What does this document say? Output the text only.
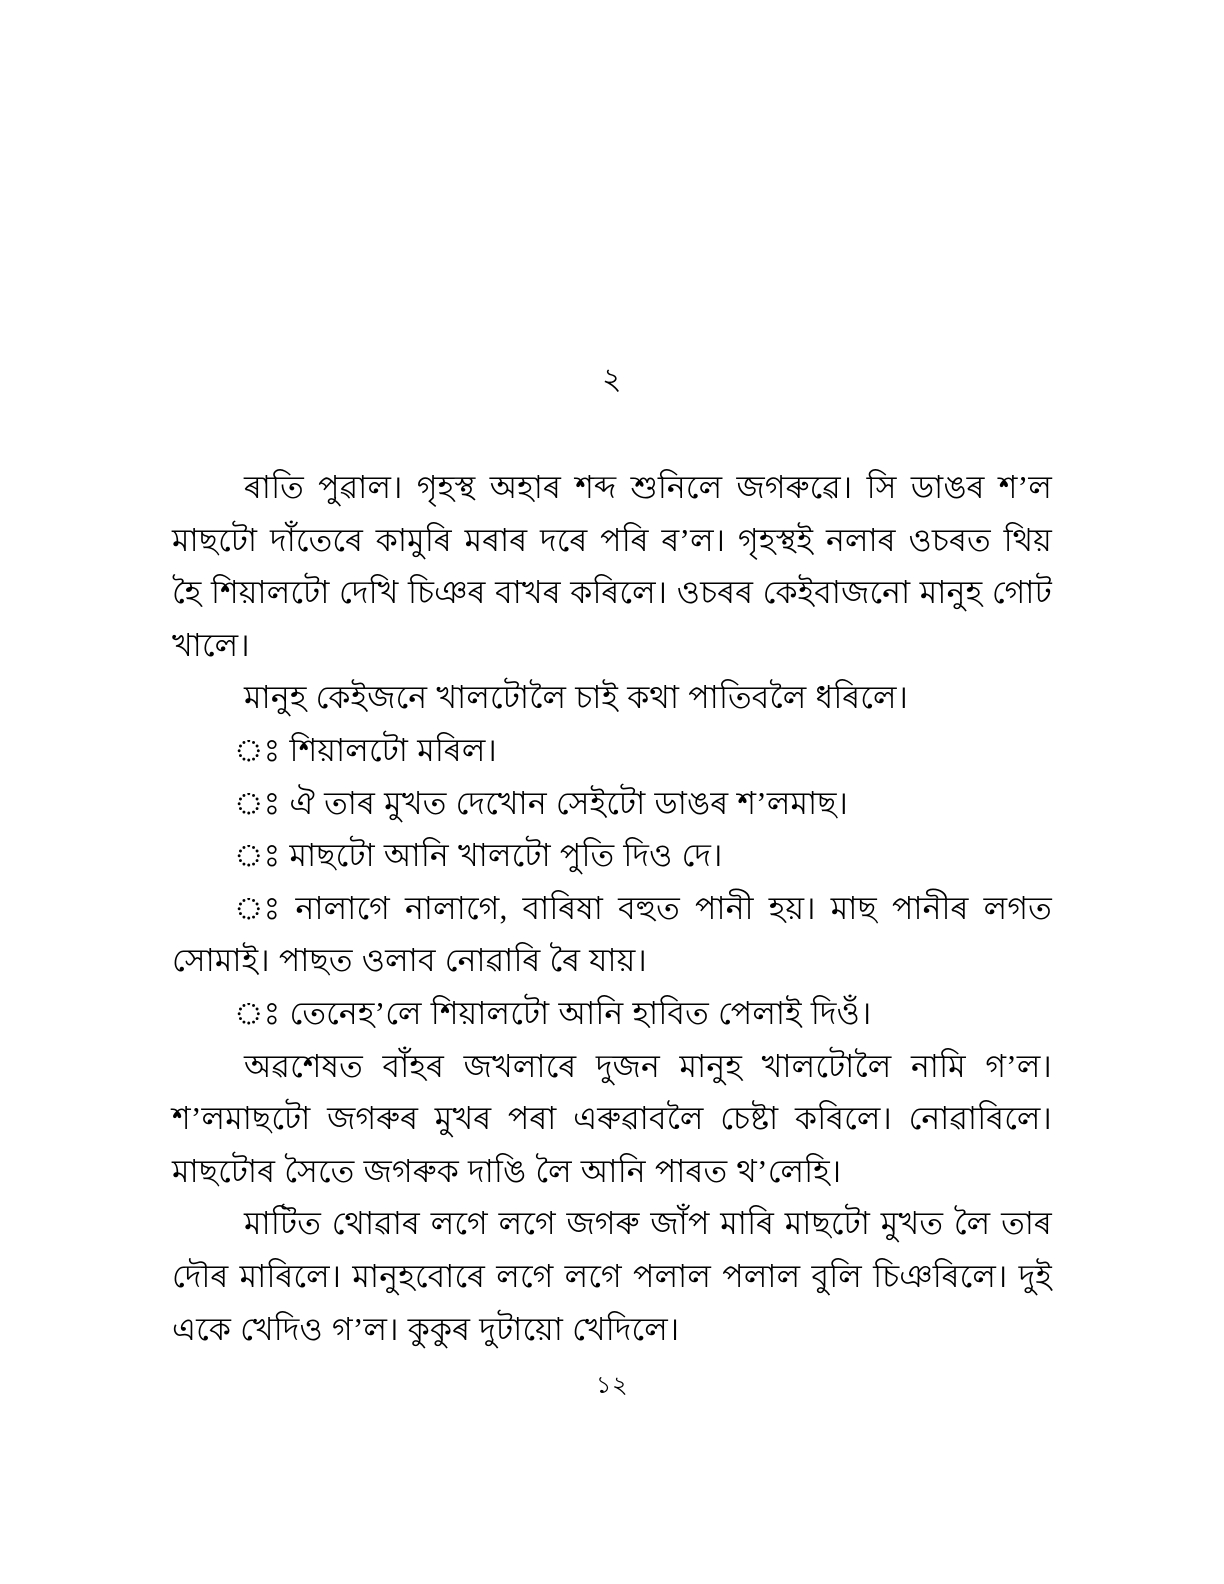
২

ৰাতি পুৱাল। গৃহস্থ অহাৰ শব্দ শুনিলে জগৰুৱে। সি ডাঙৰ শ’ল মাছটো দাঁতেৰে কামুৰি মৰাৰ দৰে পৰি ৰ’ল। গৃহস্থই নলাৰ ওচৰত থিয় হৈ শিয়ালটো দেখি চিঞৰ বাখৰ কৰিলে। ওচৰৰ কেইবাজনো মানুহ গোট খালে।

মানুহ কেইজনে খালটোলৈ চাই কথা পাতিবলৈ ধৰিলে।

ঃ শিয়ালটো মৰিল।

ঃ ঐ তাৰ মুখত দেখোন সেইটো ডাঙৰ শ’লমাছ।

ঃ মাছটো আনি খালটো পুতি দিও দে।

ঃ নালাগে নালাগে, বাৰিষা বহুত পানী হয়। মাছ পানীৰ লগত সোমাই। পাছত ওলাব নোৱাৰি ৰৈ যায়।

ঃ তেনেহ’লে শিয়ালটো আনি হাবিত পেলাই দিওঁ।

অৱশেষত বাঁহৰ জখলাৰে দুজন মানুহ খালটোলৈ নামি গ’ল। শ’লমাছটো জগৰুৰ মুখৰ পৰা এৰুৱাবলৈ চেষ্টা কৰিলে। নোৱাৰিলে। মাছটোৰ সৈতে জগৰুক দাঙি লৈ আনি পাৰত থ’লেহি।

মাটিত থোৱাৰ লগে লগে জগৰু জাঁপ মাৰি মাছটো মুখত লৈ তাৰ দৌৰ মাৰিলে। মানুহবোৰে লগে লগে পলাল পলাল বুলি চিঞৰিলে। দুই একে খেদিও গ’ল। কুকুৰ দুটায়ো খেদিলে।

১২
